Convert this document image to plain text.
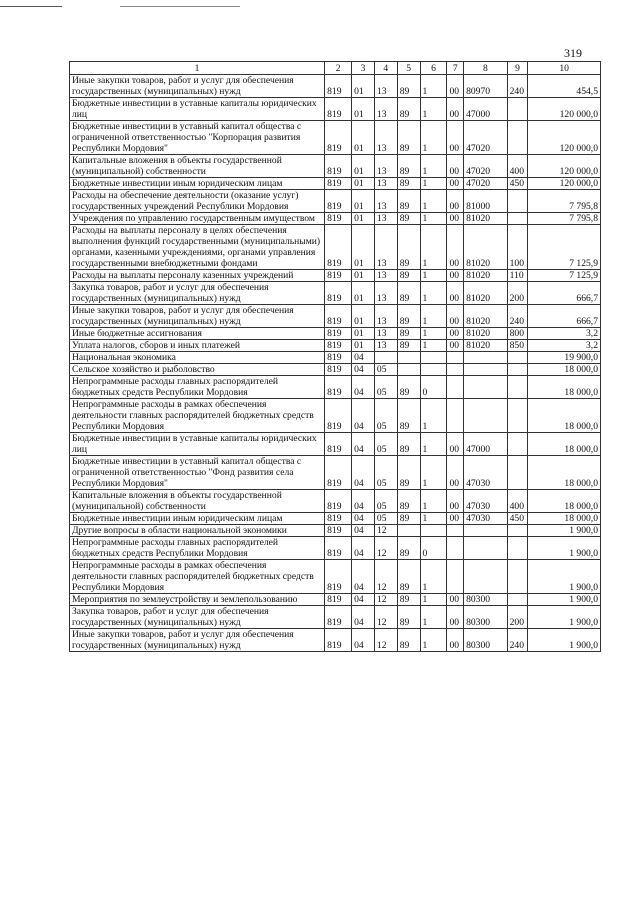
319
1	2	3	4	5	6	7	8	9	10
Иные закупки товаров, работ и услуг для обеспечения государственных (муниципальных) нужд	819	01	13	89	1	00	80970	240	454,5
Бюджетные инвестиции в уставные капиталы юридических лиц	819	01	13	89	1	00	47000		120 000,0
Бюджетные инвестиции в уставный капитал общества с ограниченной ответственностью "Корпорация развития Республики Мордовия"	819	01	13	89	1	00	47020		120 000,0
Капитальные вложения в объекты государственной (муниципальной) собственности	819	01	13	89	1	00	47020	400	120 000,0
Бюджетные инвестиции иным юридическим лицам	819	01	13	89	1	00	47020	450	120 000,0
Расходы на обеспечение деятельности (оказание услуг) государственных учреждений Республики Мордовия	819	01	13	89	1	00	81000		7 795,8
Учреждения по управлению государственным имуществом	819	01	13	89	1	00	81020		7 795,8
Расходы на выплаты персоналу в целях обеспечения выполнения функций государственными (муниципальными) органами, казенными учреждениями, органами управления государственными внебюджетными фондами	819	01	13	89	1	00	81020	100	7 125,9
Расходы на выплаты персоналу казенных учреждений	819	01	13	89	1	00	81020	110	7 125,9
Закупка товаров, работ и услуг для обеспечения государственных (муниципальных) нужд	819	01	13	89	1	00	81020	200	666,7
Иные закупки товаров, работ и услуг для обеспечения государственных (муниципальных) нужд	819	01	13	89	1	00	81020	240	666,7
Иные бюджетные ассигнования	819	01	13	89	1	00	81020	800	3,2
Уплата налогов, сборов и иных платежей	819	01	13	89	1	00	81020	850	3,2
Национальная экономика	819	04							19 900,0
Сельское хозяйство и рыболовство	819	04	05						18 000,0
Непрограммные расходы главных распорядителей бюджетных средств Республики Мордовия	819	04	05	89	0				18 000,0
Непрограммные расходы в рамках обеспечения деятельности главных распорядителей бюджетных средств Республики Мордовия	819	04	05	89	1				18 000,0
Бюджетные инвестиции в уставные капиталы юридических лиц	819	04	05	89	1	00	47000		18 000,0
Бюджетные инвестиции в уставный капитал общества с ограниченной ответственностью "Фонд развития села Республики Мордовия"	819	04	05	89	1	00	47030		18 000,0
Капитальные вложения в объекты государственной (муниципальной) собственности	819	04	05	89	1	00	47030	400	18 000,0
Бюджетные инвестиции иным юридическим лицам	819	04	05	89	1	00	47030	450	18 000,0
Другие вопросы в области национальной экономики	819	04	12						1 900,0
Непрограммные расходы главных распорядителей бюджетных средств Республики Мордовия	819	04	12	89	0				1 900,0
Непрограммные расходы в рамках обеспечения деятельности главных распорядителей бюджетных средств Республики Мордовия	819	04	12	89	1				1 900,0
Мероприятия по землеустройству и землепользованию	819	04	12	89	1	00	80300		1 900,0
Закупка товаров, работ и услуг для обеспечения государственных (муниципальных) нужд	819	04	12	89	1	00	80300	200	1 900,0
Иные закупки товаров, работ и услуг для обеспечения государственных (муниципальных) нужд	819	04	12	89	1	00	80300	240	1 900,0
